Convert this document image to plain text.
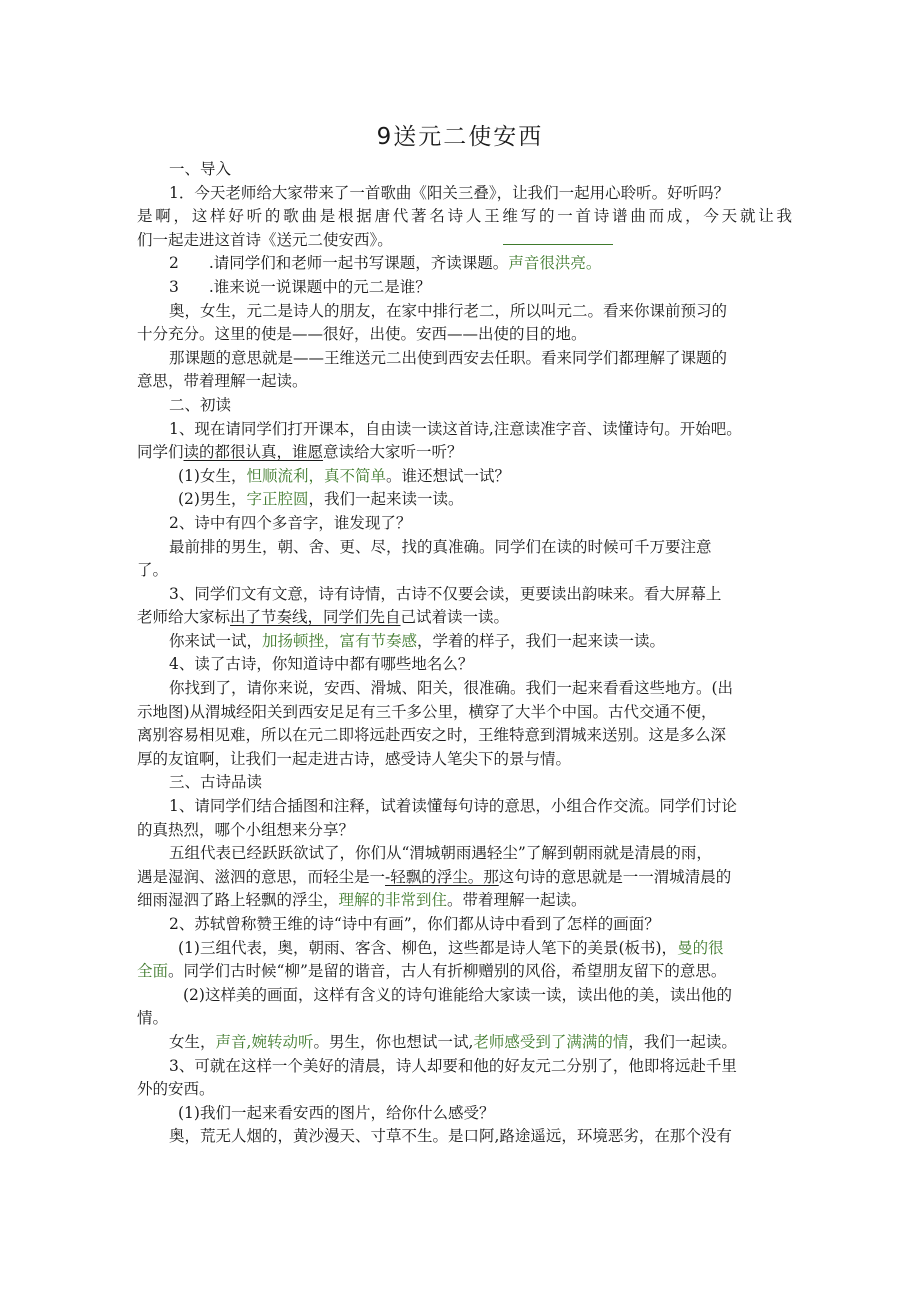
9送元二使安西
一、导入
1．今天老师给大家带来了一首歌曲《阳关三叠》，让我们一起用心聆听。好听吗？
是啊，这样好听的歌曲是根据唐代著名诗人王维写的一首诗谱曲而成，今天就让我
们一起走进这首诗《送元二使安西》。
2 .请同学们和老师一起书写课题，齐读课题。声音很洪亮。
3 .谁来说一说课题中的元二是谁？
奥，女生，元二是诗人的朋友，在家中排行老二，所以叫元二。看来你课前预习的
十分充分。这里的使是——很好，出使。安西——出使的目的地。
那课题的意思就是——王维送元二出使到西安去任职。看来同学们都理解了课题的
意思，带着理解一起读。
二、初读
1、现在请同学们打开课本，自由读一读这首诗,注意读准字音、读懂诗句。开始吧。
同学们读的都很认真，谁愿意读给大家听一听？
(1)女生，怛顺流利，真不简单。谁还想试一试？
(2)男生，字正腔圆，我们一起来读一读。
2、诗中有四个多音字，谁发现了？
最前排的男生，朝、舍、更、尽，找的真准确。同学们在读的时候可千万要注意
了。
3、同学们文有文意，诗有诗情，古诗不仅要会读，更要读出韵味来。看大屏幕上
老师给大家标出了节奏线，同学们先自己试着读一读。
你来试一试，加扬顿挫，富有节奏感，学着的样子，我们一起来读一读。
4、读了古诗，你知道诗中都有哪些地名么？
你找到了，请你来说，安西、滑城、阳关，很准确。我们一起来看看这些地方。(出
示地图)从渭城经阳关到西安足足有三千多公里，横穿了大半个中国。古代交通不便，
离别容易相见难，所以在元二即将远赴西安之时，王维特意到渭城来送别。这是多么深
厚的友谊啊，让我们一起走进古诗，感受诗人笔尖下的景与情。
三、古诗品读
1、请同学们结合插图和注释，试着读懂每句诗的意思，小组合作交流。同学们讨论
的真热烈，哪个小组想来分享？
五组代表已经跃跃欲试了，你们从“渭城朝雨遇轻尘”了解到朝雨就是清晨的雨，
遇是湿润、滋泗的意思，而轻尘是一-轻飘的浮尘。那这句诗的意思就是一一渭城清晨的
细雨湿泗了路上轻飘的浮尘，理解的非常到住。带着理解一起读。
2、苏轼曾称赞王维的诗“诗中有画”，你们都从诗中看到了怎样的画面？
(1)三组代表，奥，朝雨、客含、柳色，这些都是诗人笔下的美景(板书)，曼的很
全面。同学们古时候“柳”是留的谐音，古人有折柳赠别的风俗，希望朋友留下的意思。
(2)这样美的画面，这样有含义的诗句谁能给大家读一读，读出他的美，读出他的
情。
女生，声音,婉转动听。男生，你也想试一试,老师感受到了满满的情，我们一起读。
3、可就在这样一个美好的清晨，诗人却要和他的好友元二分别了，他即将远赴千里
外的安西。
(1)我们一起来看安西的图片，给你什么感受？
奥，荒无人烟的，黄沙漫天、寸草不生。是口阿,路途遥远，环境恶劣，在那个没有
